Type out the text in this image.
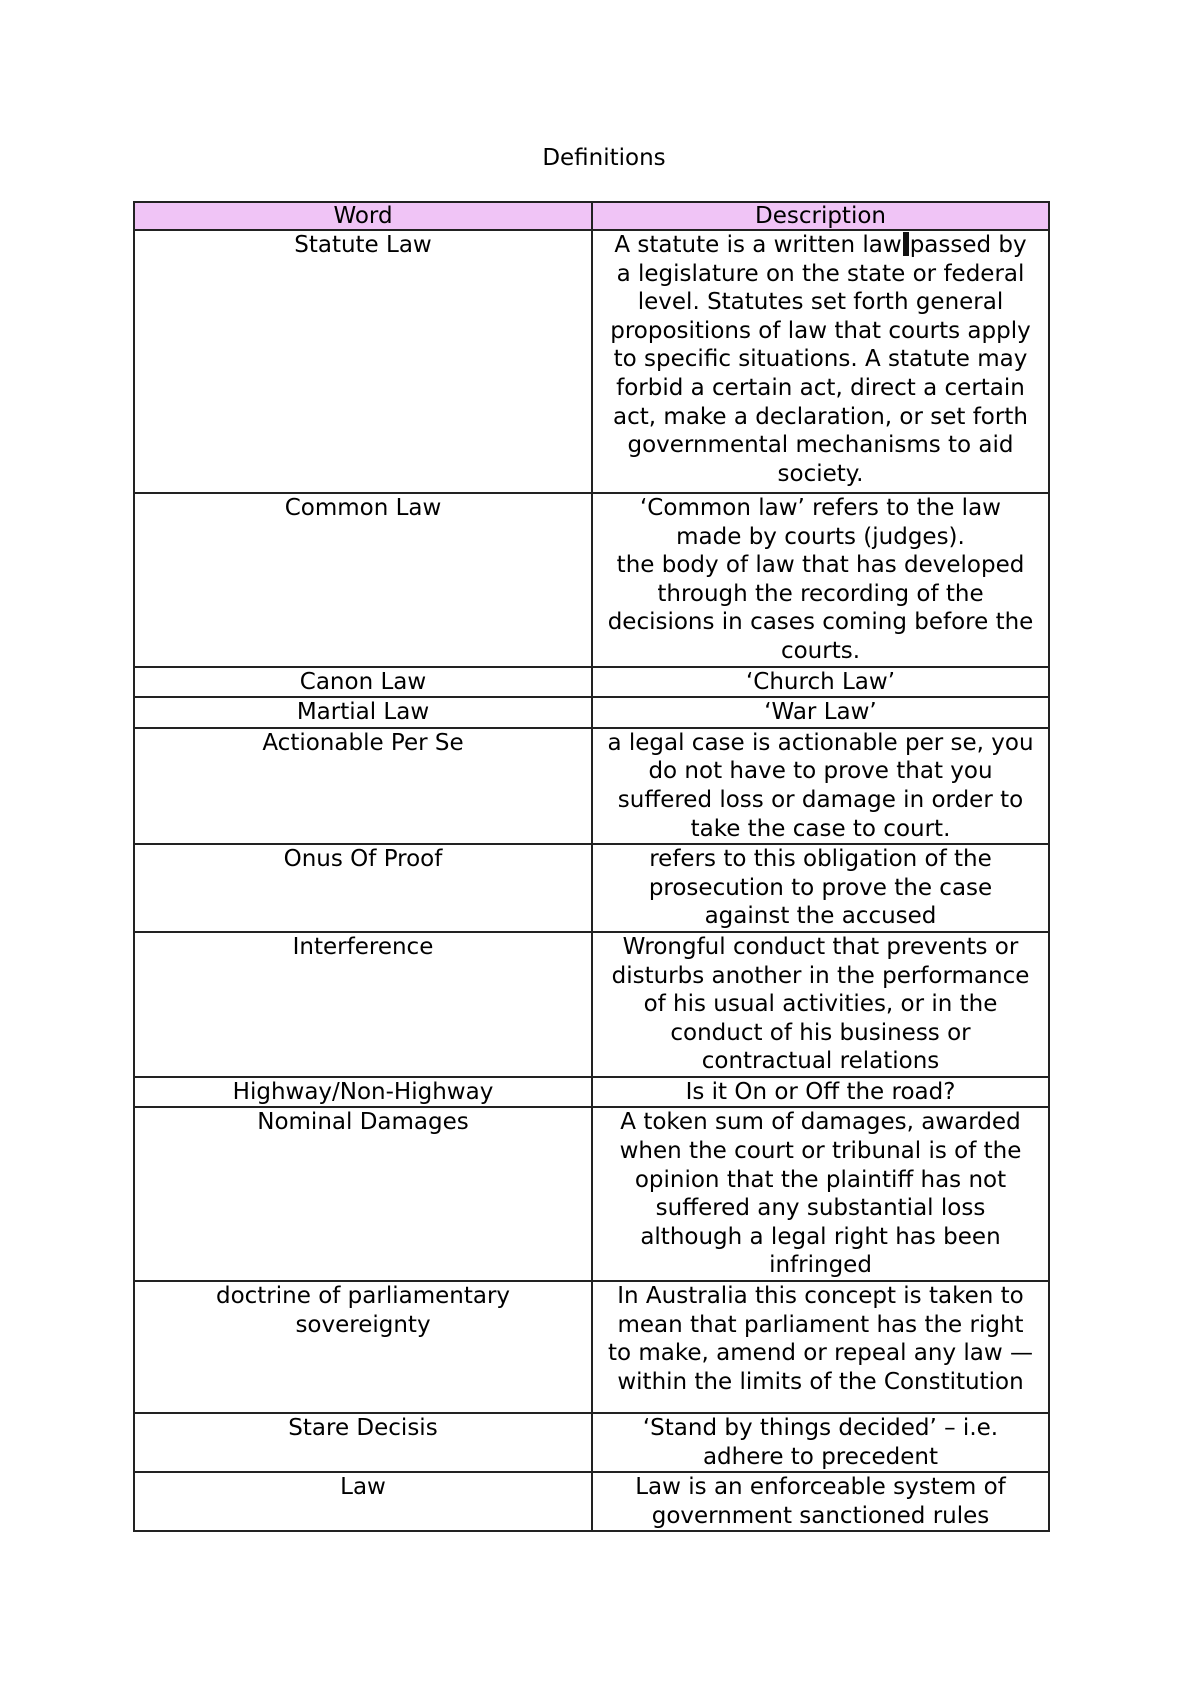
Definitions
Word	Description
Statute Law	A statute is a written law passed by a legislature on the state or federal level. Statutes set forth general propositions of law that courts apply to specific situations. A statute may forbid a certain act, direct a certain act, make a declaration, or set forth governmental mechanisms to aid society.
Common Law	‘Common law’ refers to the law made by courts (judges).
the body of law that has developed through the recording of the decisions in cases coming before the courts.

Canon Law	‘Church Law’
Martial Law	‘War Law’
Actionable Per Se	a legal case is actionable per se, you do not have to prove that you suffered loss or damage in order to take the case to court.
Onus Of Proof	refers to this obligation of the prosecution to prove the case against the accused
Interference	Wrongful conduct that prevents or disturbs another in the performance of his usual activities, or in the conduct of his business or contractual relations
Highway/Non-Highway	Is it On or Off the road?
Nominal Damages	A token sum of damages, awarded when the court or tribunal is of the opinion that the plaintiff has not suffered any substantial loss although a legal right has been infringed
doctrine of parliamentary sovereignty	In Australia this concept is taken to mean that parliament has the right to make, amend or repeal any law —within the limits of the Constitution
Stare Decisis	‘Stand by things decided’ – i.e. adhere to precedent
Law	Law is an enforceable system of government sanctioned rules
